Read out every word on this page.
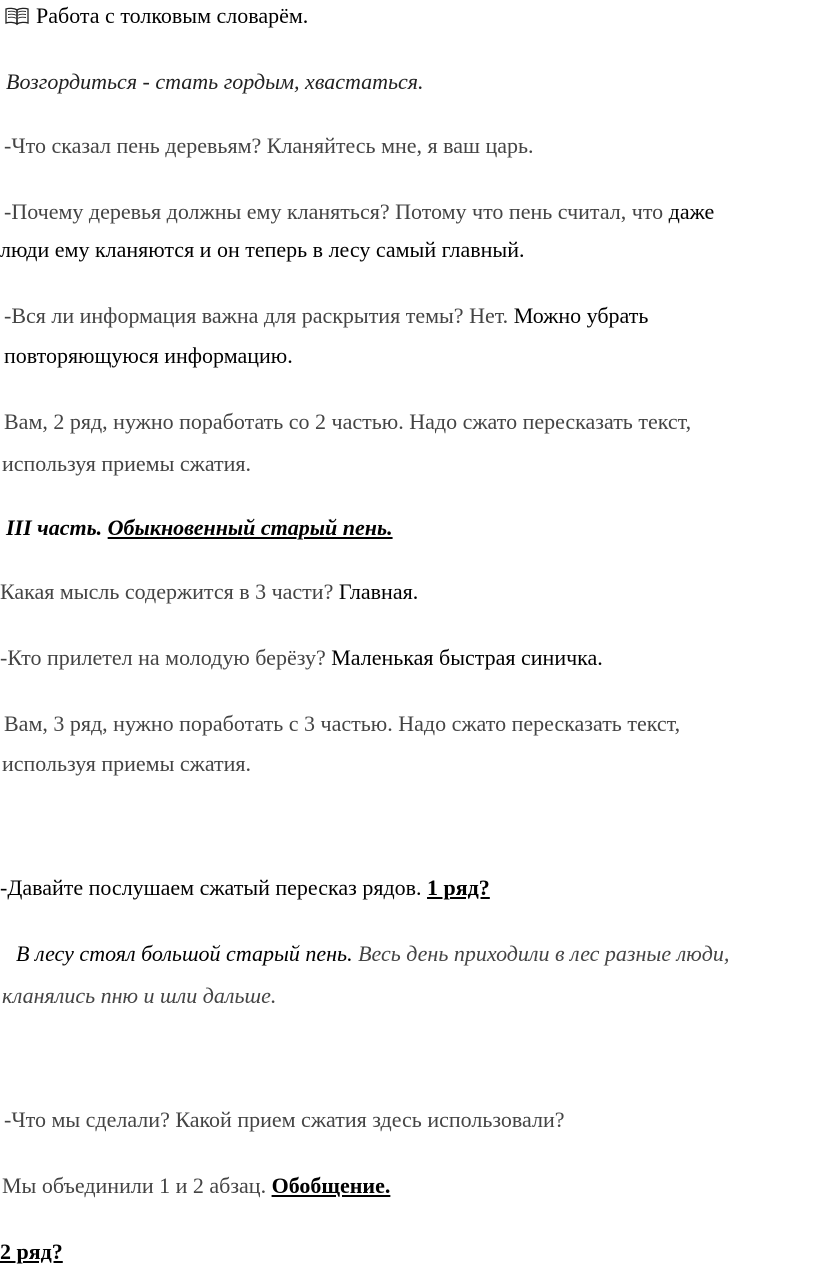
Работа с толковым словарём.
Возгордиться - стать гордым, хвастаться.
-Что сказал пень деревьям? Кланяйтесь мне, я ваш царь.
-Почему деревья должны ему кланяться? Потому что пень считал, что даже
люди ему кланяются и он теперь в лесу самый главный.
-Вся ли информация важна для раскрытия темы? Нет. Можно убрать
повторяющуюся информацию.
Вам, 2 ряд, нужно поработать со 2 частью. Надо сжато пересказать текст,
используя приемы сжатия.
III часть. Обыкновенный старый пень.
Какая мысль содержится в 3 части? Главная.
-Кто прилетел на молодую берёзу? Маленькая быстрая синичка.
Вам, 3 ряд, нужно поработать с 3 частью. Надо сжато пересказать текст,
используя приемы сжатия.
-Давайте послушаем сжатый пересказ рядов. 1 ряд?
В лесу стоял большой старый пень. Весь день приходили в лес разные люди,
кланялись пню и шли дальше.
-Что мы сделали? Какой прием сжатия здесь использовали?
Мы объединили 1 и 2 абзац. Обобщение.
2 ряд?
